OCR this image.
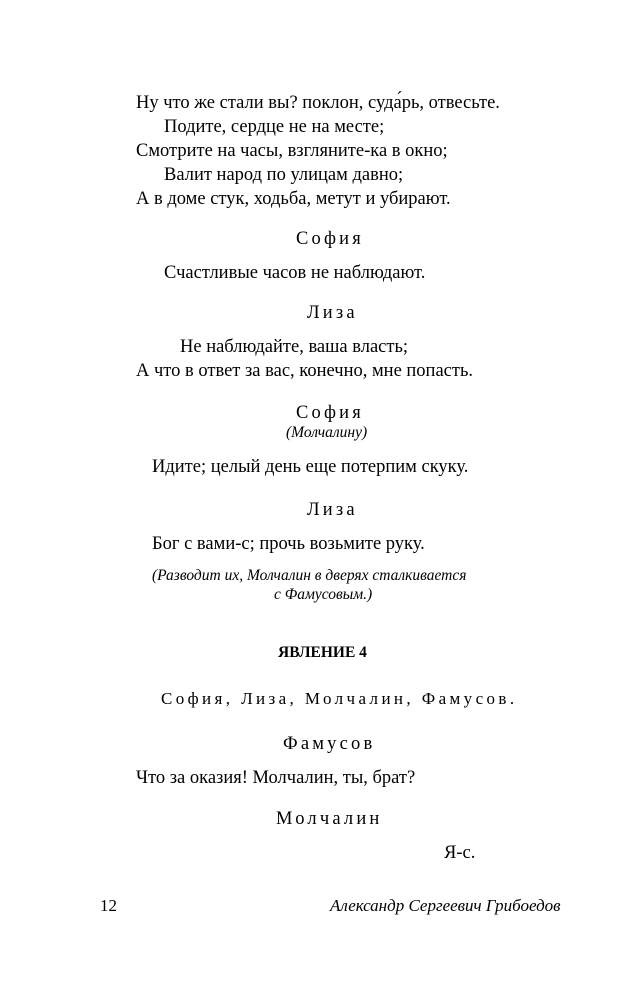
Ну что же стали вы? поклон, суда́рь, отвесьте.
Подите, сердце не на месте;
Смотрите на часы, взгляните-ка в окно;
Валит народ по улицам давно;
А в доме стук, ходьба, метут и убирают.
София
Счастливые часов не наблюдают.
Лиза
Не наблюдайте, ваша власть;
А что в ответ за вас, конечно, мне попасть.
София
(Молчалину)
Идите; целый день еще потерпим скуку.
Лиза
Бог с вами-с; прочь возьмите руку.
(Разводит их, Молчалин в дверях сталкивается
с Фамусовым.)
ЯВЛЕНИЕ 4
София, Лиза, Молчалин, Фамусов.
Фамусов
Что за оказия! Молчалин, ты, брат?
Молчалин
Я-с.
12	Александр Сергеевич Грибоедов
